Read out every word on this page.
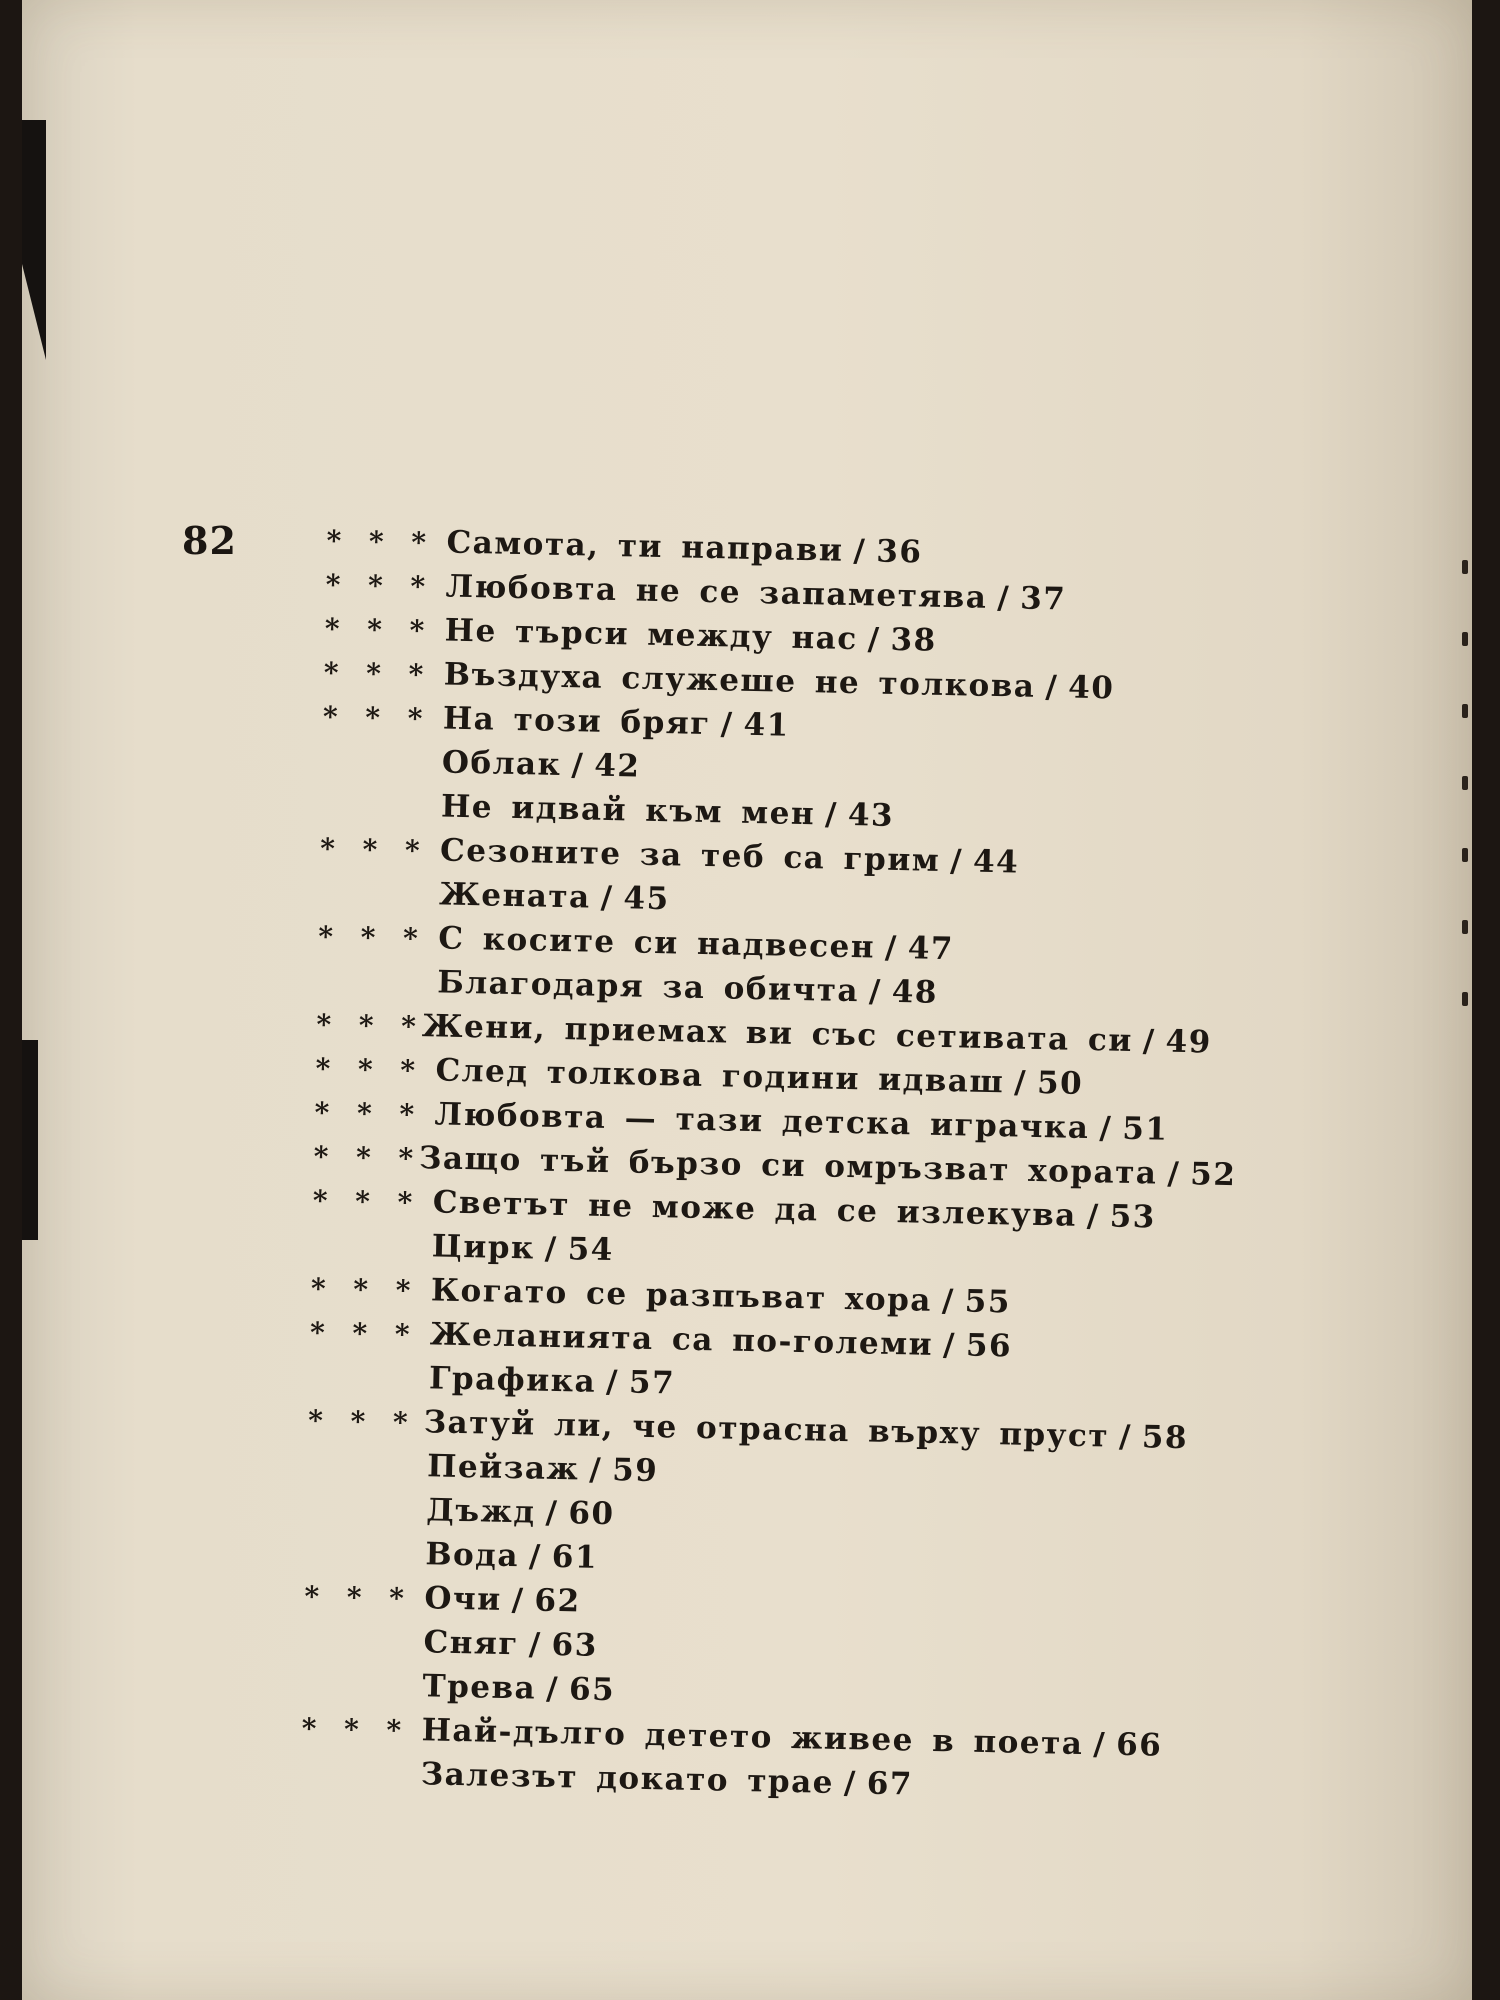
82	* * * Самота, ти направи / 36
* * * Любовта не се запаметява / 37
* * * Не търси между нас / 38
* * * Въздуха служеше не толкова / 40
* * * На този бряг / 41
Облак / 42
Не идвай към мен / 43
* * * Сезоните за теб са грим / 44
Жената / 45
* * * С косите си надвесен / 47
Благодаря за обичта / 48
* * * Жени, приемах ви със сетивата си / 49
* * * След толкова години идваш / 50
* * * Любовта — тази детска играчка / 51
* * * Защо тъй бързо си омръзват хората / 52
* * * Светът не може да се излекува / 53
Цирк / 54
* * * Когато се разпъват хора / 55
* * * Желанията са по-големи / 56
Графика / 57
* * * Затуй ли, че отрасна върху пруст / 58
Пейзаж / 59
Дъжд / 60
Вода / 61
* * * Очи / 62
Сняг / 63
Трева / 65
* * * Най-дълго детето живее в поета / 66
Залезът докато трае / 67
